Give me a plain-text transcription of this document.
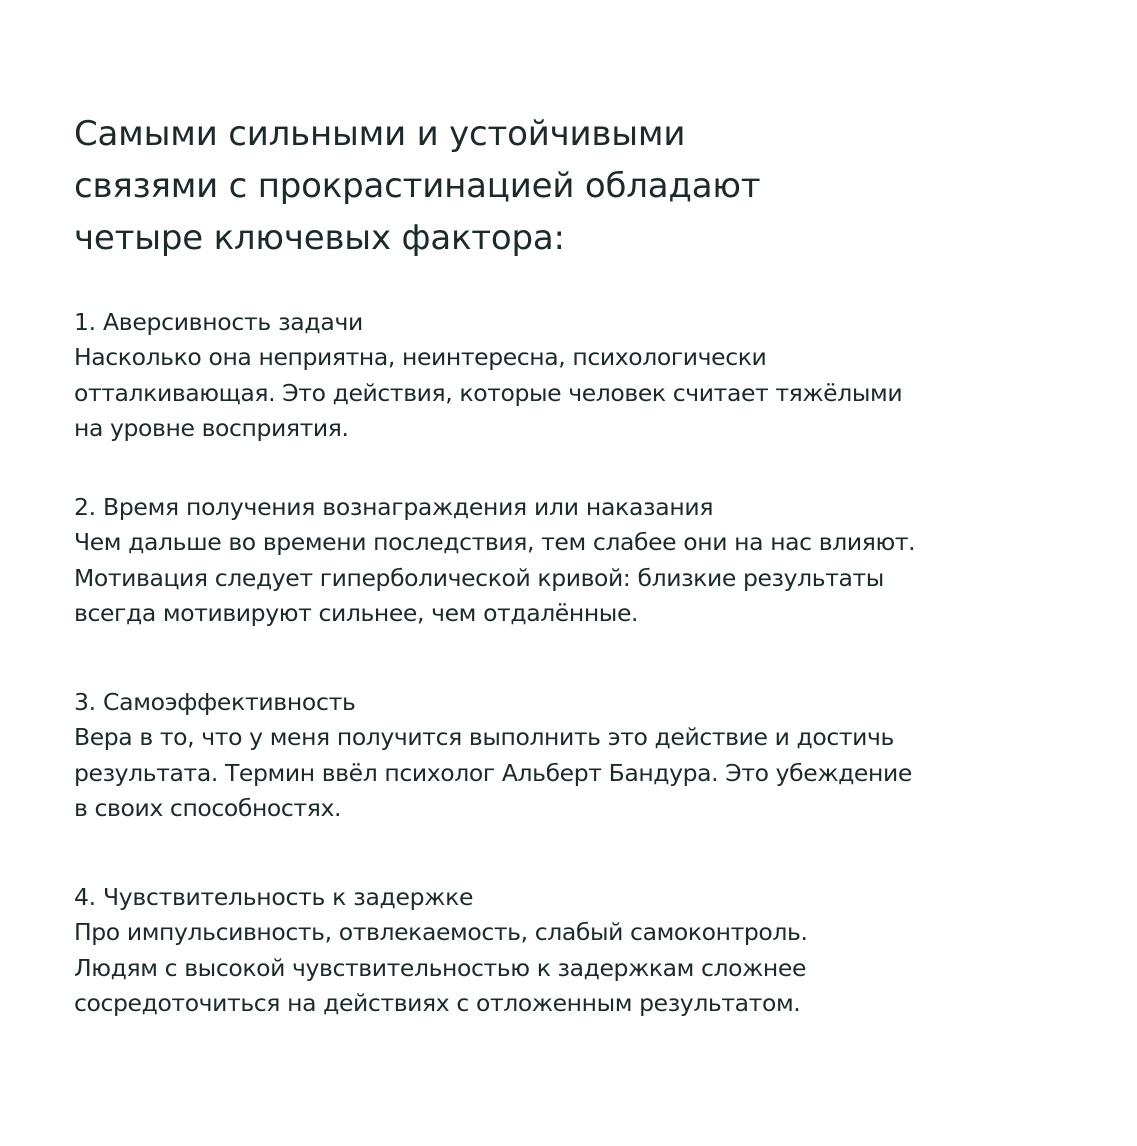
Самыми сильными и устойчивыми
связями с прокрастинацией обладают
четыре ключевых фактора:
1. Аверсивность задачи
Насколько она неприятна, неинтересна, психологически
отталкивающая. Это действия, которые человек считает тяжёлыми
на уровне восприятия.
2. Время получения вознаграждения или наказания
Чем дальше во времени последствия, тем слабее они на нас влияют.
Мотивация следует гиперболической кривой: близкие результаты
всегда мотивируют сильнее, чем отдалённые.
3. Самоэффективность
Вера в то, что у меня получится выполнить это действие и достичь
результата. Термин ввёл психолог Альберт Бандура. Это убеждение
в своих способностях.
4. Чувствительность к задержке
Про импульсивность, отвлекаемость, слабый самоконтроль.
Людям с высокой чувствительностью к задержкам сложнее
сосредоточиться на действиях с отложенным результатом.
